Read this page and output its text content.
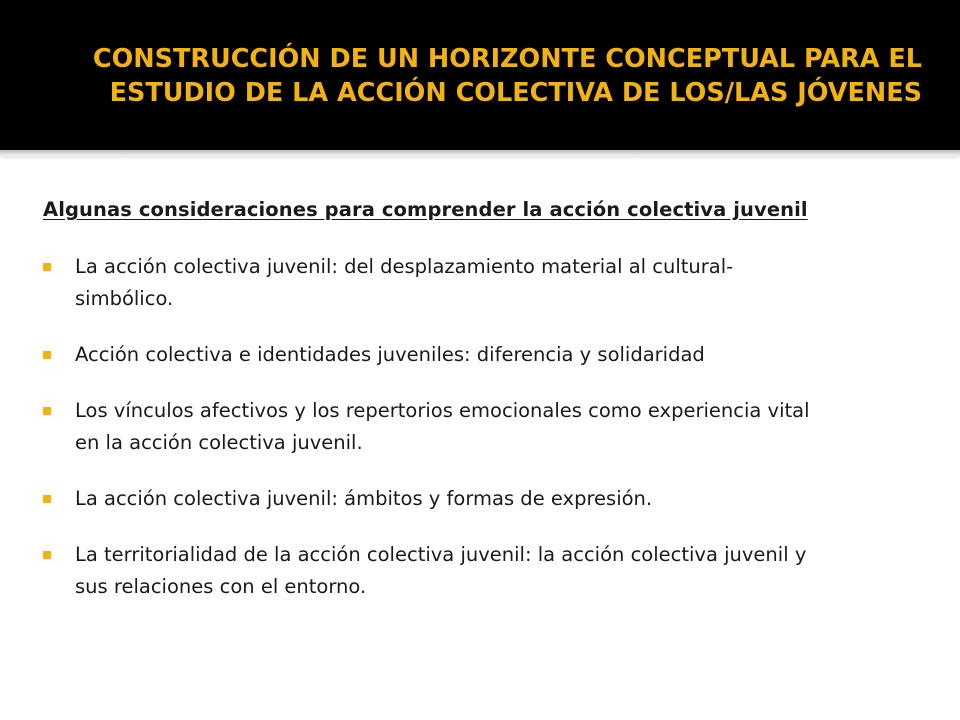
CONSTRUCCIÓN DE UN HORIZONTE CONCEPTUAL PARA EL
ESTUDIO DE LA ACCIÓN COLECTIVA DE LOS/LAS JÓVENES
Algunas consideraciones para comprender la acción colectiva juvenil
La acción colectiva juvenil: del desplazamiento material al cultural-
simbólico.
Acción colectiva e identidades juveniles: diferencia y solidaridad
Los vínculos afectivos y los repertorios emocionales como experiencia vital
en la acción colectiva juvenil.
La acción colectiva juvenil: ámbitos y formas de expresión.
La territorialidad de la acción colectiva juvenil: la acción colectiva juvenil y
sus relaciones con el entorno.
